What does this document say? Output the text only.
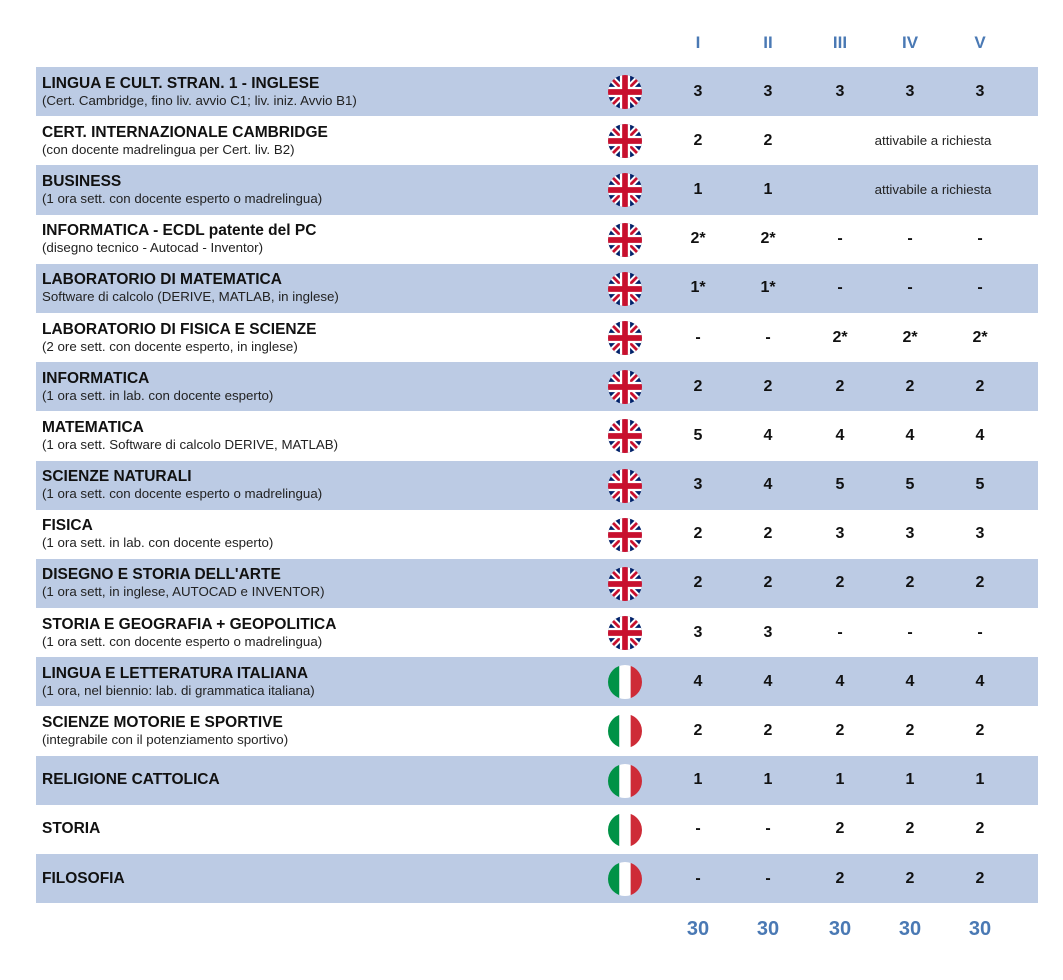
I	II	III	IV	V
LINGUA E CULT. STRAN. 1 - INGLESE
(Cert. Cambridge, fino liv. avvio C1; liv. iniz. Avvio B1)
3	3	3	3	3
CERT. INTERNAZIONALE CAMBRIDGE
(con docente madrelingua per Cert. liv. B2)
2	2	attivabile a richiesta
BUSINESS
(1 ora sett. con docente esperto o madrelingua)
1	1	attivabile a richiesta
INFORMATICA - ECDL patente del PC
(disegno tecnico - Autocad - Inventor)
2*	2*	-	-	-
LABORATORIO DI MATEMATICA
Software di calcolo (DERIVE, MATLAB, in inglese)
1*	1*	-	-	-
LABORATORIO DI FISICA E SCIENZE
(2 ore sett. con docente esperto, in inglese)
-	-	2*	2*	2*
INFORMATICA
(1 ora sett. in lab. con docente esperto)
2	2	2	2	2
MATEMATICA
(1 ora sett. Software di calcolo DERIVE, MATLAB)
5	4	4	4	4
SCIENZE NATURALI
(1 ora sett. con docente esperto o madrelingua)
3	4	5	5	5
FISICA
(1 ora sett. in lab. con docente esperto)
2	2	3	3	3
DISEGNO E STORIA DELL'ARTE
(1 ora sett, in inglese, AUTOCAD e INVENTOR)
2	2	2	2	2
STORIA E GEOGRAFIA + GEOPOLITICA
(1 ora sett. con docente esperto o madrelingua)
3	3	-	-	-
LINGUA E LETTERATURA ITALIANA
(1 ora, nel biennio: lab. di grammatica italiana)
4	4	4	4	4
SCIENZE MOTORIE E SPORTIVE
(integrabile con il potenziamento sportivo)
2	2	2	2	2
RELIGIONE CATTOLICA	1	1	1	1	1
STORIA	-	-	2	2	2
FILOSOFIA	-	-	2	2	2
30	30	30	30	30
